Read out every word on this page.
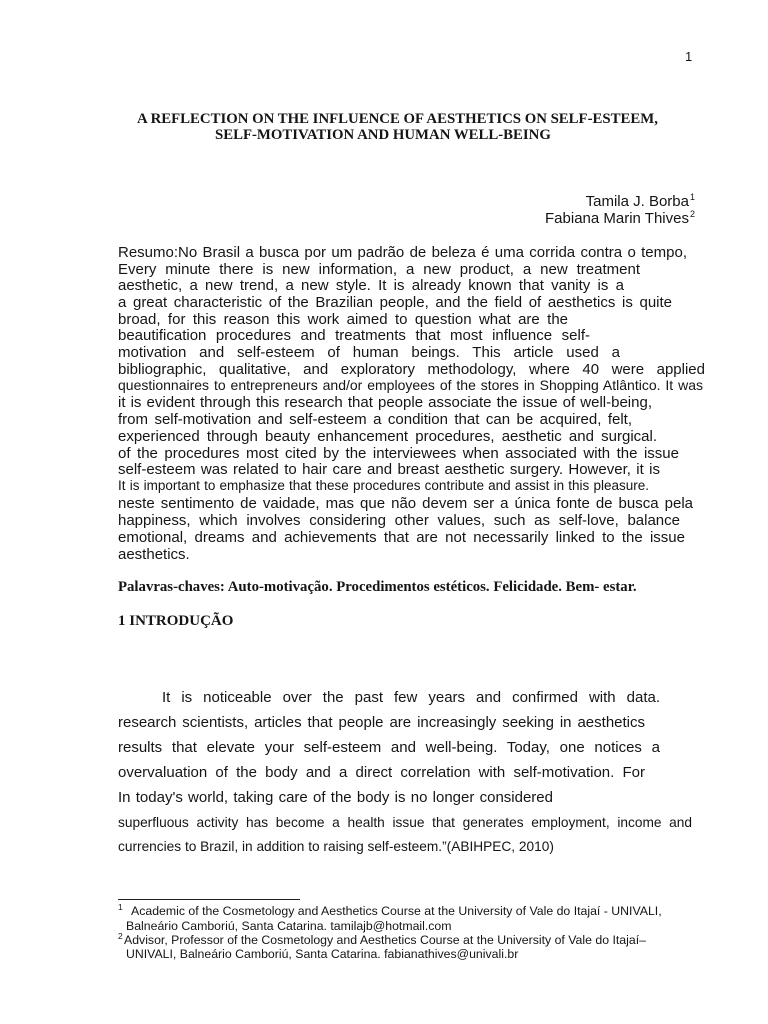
1
A REFLECTION ON THE INFLUENCE OF AESTHETICS ON SELF-ESTEEM,
SELF-MOTIVATION AND HUMAN WELL-BEING
Tamila J. Borba$^1$
Fabiana Marin Thives$^2$
Resumo:No Brasil a busca por um padrão de beleza é uma corrida contra o tempo,
Every minute there is new information, a new product, a new treatment
aesthetic, a new trend, a new style. It is already known that vanity is a
a great characteristic of the Brazilian people, and the field of aesthetics is quite
broad, for this reason this work aimed to question what are the
beautification procedures and treatments that most influence self-
motivation and self-esteem of human beings. This article used a
bibliographic, qualitative, and exploratory methodology, where 40 were applied
questionnaires to entrepreneurs and/or employees of the stores in Shopping Atlântico. It was
it is evident through this research that people associate the issue of well-being,
from self-motivation and self-esteem a condition that can be acquired, felt,
experienced through beauty enhancement procedures, aesthetic and surgical.
of the procedures most cited by the interviewees when associated with the issue
self-esteem was related to hair care and breast aesthetic surgery. However, it is
It is important to emphasize that these procedures contribute and assist in this pleasure.
neste sentimento de vaidade, mas que não devem ser a única fonte de busca pela
happiness, which involves considering other values, such as self-love, balance
emotional, dreams and achievements that are not necessarily linked to the issue
aesthetics.
Palavras-chaves: Auto-motivação. Procedimentos estéticos. Felicidade. Bem- estar.
1 INTRODUÇÃO
It is noticeable over the past few years and confirmed with data.
research scientists, articles that people are increasingly seeking in aesthetics
results that elevate your self-esteem and well-being. Today, one notices a
overvaluation of the body and a direct correlation with self-motivation. For
In today's world, taking care of the body is no longer considered
superfluous activity has become a health issue that generates employment, income and
currencies to Brazil, in addition to raising self-esteem.”(ABIHPEC, 2010)
1 Academic of the Cosmetology and Aesthetics Course at the University of Vale do Itajaí - UNIVALI,
Balneário Camboriú, Santa Catarina. tamilajb@hotmail.com
2 Advisor, Professor of the Cosmetology and Aesthetics Course at the University of Vale do Itajaí–
UNIVALI, Balneário Camboriú, Santa Catarina. fabianathives@univali.br
